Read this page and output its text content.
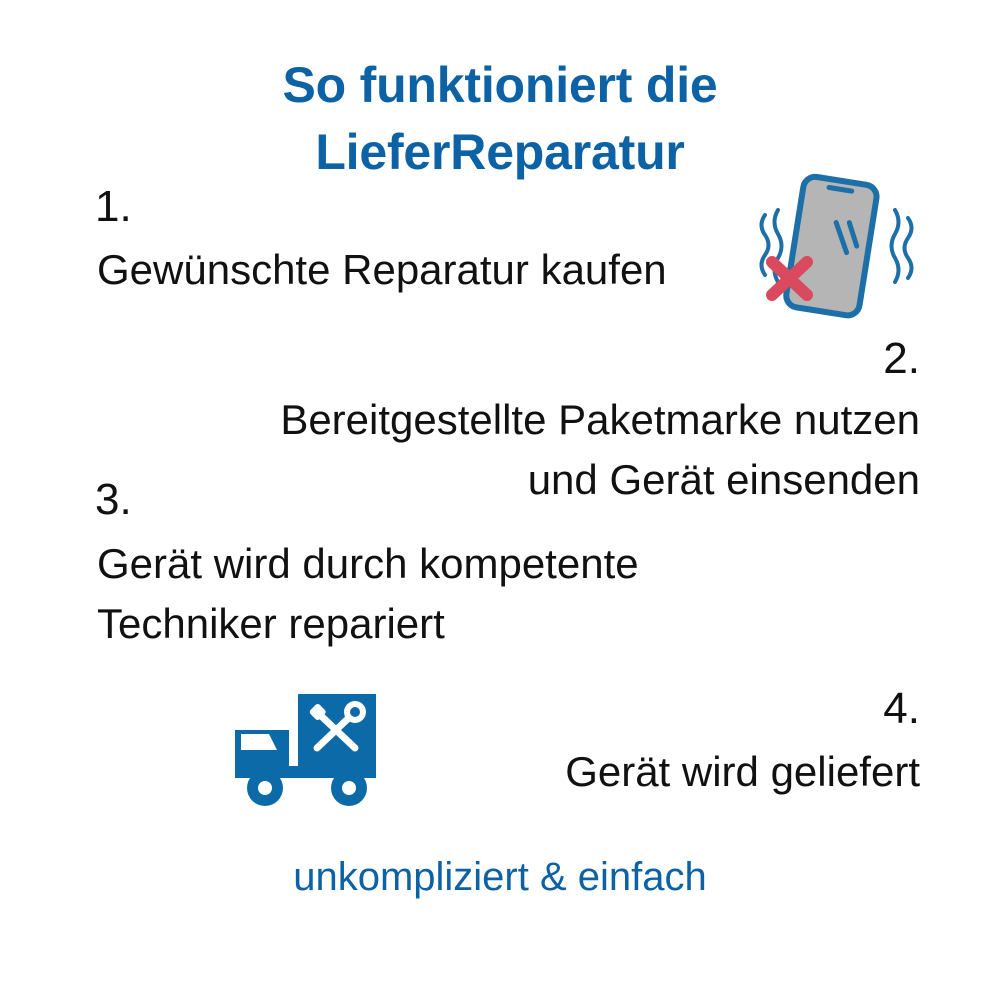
So funktioniert die
LieferReparatur
1.
Gewünschte Reparatur kaufen
2.
Bereitgestellte Paketmarke nutzen
und Gerät einsenden
3.
Gerät wird durch kompetente
Techniker repariert
4.
Gerät wird geliefert
unkompliziert & einfach
